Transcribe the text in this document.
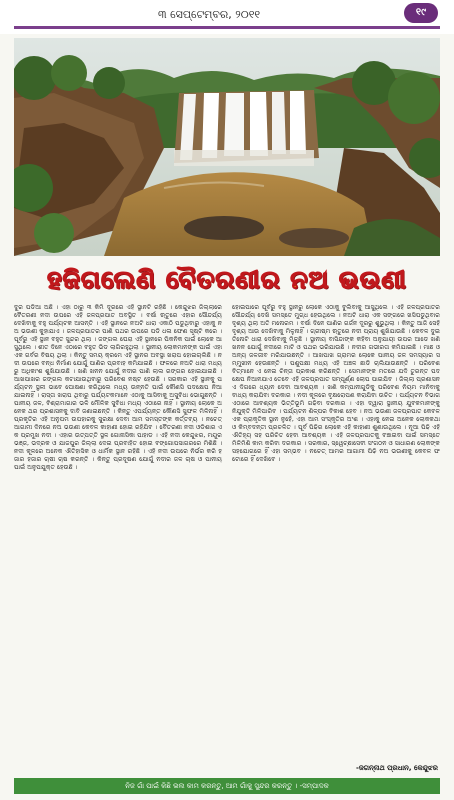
୩ ସେପ୍ଟେମ୍ବର, ୨୦୧୧	୧୯
ହଜିଗଲେଣି ବୈତରଣୀର ନଅ ଭଉଣୀ
ଦୁର ପଡିଆ ଅଛି । ଏହା ଠାରୁ ୩ କିମି ଦୂରରେ ଏହି ସ୍ଥାନଟି ରହିଛି । କେନ୍ଦୁଝର ଜିଲ୍ଲାରେ ବୈତରଣୀ ନଦୀ ଉପରେ ଏହି ଜଳପ୍ରପାତ ଅବସ୍ଥିତ । ବର୍ଷା ଋତୁରେ ଏହାର ସୌନ୍ଦର୍ଯ୍ୟ ଦେଖିବାକୁ ବହୁ ପର୍ଯ୍ୟଟକ ଆସନ୍ତି । ଏହି ସ୍ଥାନରେ ନଅଟି ଧାରା ଏକାଠି ପଡୁଥିବାରୁ ଏହାକୁ ନଅ ଭଉଣୀ କୁହାଯାଏ । ଜଳପ୍ରପାତର ପାଣି ପଥର ଉପରେ ପଡି ଧଳା ଫେଣ ସୃଷ୍ଟି କରେ । ପୂର୍ବରୁ ଏହି ସ୍ଥାନ ବହୁତ ସୁନ୍ଦର ଥିଲା । ଜଙ୍ଗଲ ଘେରା ଏହି ସ୍ଥାନରେ ପିକନିକ ପାଇଁ ଲୋକେ ଆସୁଥିଲେ । ଶୀତ ଦିନେ ଏଠାରେ ବହୁତ ଭିଡ ଲାଗିରହୁଥିଲା । ସ୍ଥାନୀୟ ଲୋକମାନଙ୍କ ପାଇଁ ଏହା ଏକ ଗର୍ବର ବିଷୟ ଥିଲା । କିନ୍ତୁ ସମୟ କ୍ରମେ ଏହି ସ୍ଥାନର ଅବସ୍ଥା ଖରାପ ହୋଇଚାଲିଛି । ନଦୀ ଉପରେ ବନ୍ଧ ନିର୍ମାଣ ଯୋଗୁଁ ପାଣିର ପ୍ରବାହ କମିଯାଇଛି । ଫଳରେ ନଅଟି ଧାରା ମଧ୍ୟରୁ ଅଧିକାଂଶ ଶୁଖିଯାଉଛି । ଖଣି ଖନନ ଯୋଗୁଁ ନଦୀର ପାଣି ଲାଲ ରଙ୍ଗର ହୋଇଯାଇଛି । ଆଖପାଖର ଜଙ୍ଗଲ କଟାଯାଉଥିବାରୁ ପରିବେଶ ନଷ୍ଟ ହେଉଛି । ସରକାର ଏହି ସ୍ଥାନକୁ ପର୍ଯ୍ୟଟନ ସ୍ଥଳୀ ଭାବେ ଘୋଷଣା କରିଥିଲେ ମଧ୍ୟ ଉନ୍ନତି ପାଇଁ କୌଣସି ପଦକ୍ଷେପ ନିଆଯାଇନାହିଁ । ରାସ୍ତା ଖରାପ ଥିବାରୁ ପର୍ଯ୍ୟଟକମାନେ ଏଠାକୁ ଆସିବାକୁ ଅସୁବିଧା ଭୋଗୁଛନ୍ତି । ପାନୀୟ ଜଳ, ବିଶ୍ରାମାଗାର ଭଳି ମୌଳିକ ସୁବିଧା ମଧ୍ୟ ଏଠାରେ ନାହିଁ । ସ୍ଥାନୀୟ ଲୋକେ ଅନେକ ଥର ପ୍ରଶାସନକୁ ଦାବି ଜଣାଇଛନ୍ତି । କିନ୍ତୁ ଏପର୍ଯ୍ୟନ୍ତ କୌଣସି ସୁଫଳ ମିଳିନାହିଁ । ପ୍ରକୃତିର ଏହି ଅନୁପମ ଉପହାରକୁ ସୁରକ୍ଷା ଦେବା ଆମ ସମସ୍ତଙ୍କ କର୍ତ୍ତବ୍ୟ । ନଚେତ୍ ଆଗାମୀ ଦିନରେ ନଅ ଭଉଣୀ କେବଳ କାହାଣୀ ହୋଇ ରହିଯିବ । ବୈତରଣୀ ନଦୀ ଓଡିଶାର ଏକ ପ୍ରମୁଖ ନଦୀ । ଏହାର ଉତ୍ପତ୍ତି ସ୍ଥଳ ଗୋନାସିକା ପାହାଡ । ଏହି ନଦୀ କେନ୍ଦୁଝର, ମୟୂରଭଞ୍ଜ, ଭଦ୍ରକ ଓ ଯାଜପୁର ଜିଲ୍ଲା ଦେଇ ପ୍ରବାହିତ ହୋଇ ବଙ୍ଗୋପସାଗରରେ ମିଶିଛି । ନଦୀ କୂଳରେ ଅନେକ ଐତିହାସିକ ଓ ଧାର୍ମିକ ସ୍ଥାନ ରହିଛି । ଏହି ନଦୀ ଉପରେ ନିର୍ଭର କରି ହଜାର ହଜାର ଚାଷୀ ଚାଷ କରନ୍ତି । କିନ୍ତୁ ପ୍ରଦୂଷଣ ଯୋଗୁଁ ନଦୀର ଜଳ ଚାଷ ଓ ପାନୀୟ ପାଇଁ ଅନୁପଯୁକ୍ତ ହେଉଛି ।
ହୋଇପାରେ ପୂର୍ବରୁ ବହୁ ସ୍ଥାନରୁ ଲୋକେ ଏଠାକୁ ବୁଲିବାକୁ ଆସୁଥିଲେ । ଏହି ଜଳପ୍ରପାତର ସୌନ୍ଦର୍ଯ୍ୟ ଦେଖି ସମସ୍ତେ ମୁଗ୍ଧ ହେଉଥିଲେ । ନଅଟି ଧାରା ଏକ ସଙ୍ଗରେ ଖସିପଡୁଥିବାର ଦୃଶ୍ୟ ଥିଲା ଅତି ମନୋରମ । ବର୍ଷା ଦିନେ ପାଣିର ଗର୍ଜନ ଦୂରରୁ ଶୁଭୁଥିଲା । କିନ୍ତୁ ଆଜି ସେହି ଦୃଶ୍ୟ ଆଉ ଦେଖିବାକୁ ମିଳୁନାହିଁ । ଗ୍ରୀଷ୍ମ ଋତୁରେ ନଦୀ ପ୍ରାୟ ଶୁଖିଯାଉଛି । କେବଳ ଦୁଇ ତିନୋଟି ଧାରା ଦେଖିବାକୁ ମିଳୁଛି । ସ୍ଥାନୀୟ ବାସିନ୍ଦାଙ୍କ କହିବା ଅନୁଯାୟୀ ଉପର ଆଡେ ଖଣି ଖନନ ଯୋଗୁଁ ନଦୀରେ ମାଟି ଓ ପଥର ଭରିଯାଉଛି । ନଦୀର ଗଭୀରତା କମିଯାଇଛି । ମାଛ ଓ ଅନ୍ୟ ଜଳଜୀବ ମରିଯାଉଛନ୍ତି । ଆଖପାଖ ଗ୍ରାମର ଲୋକେ ପାନୀୟ ଜଳ ସମସ୍ୟାର ସମ୍ମୁଖୀନ ହେଉଛନ୍ତି । ପଶୁପକ୍ଷୀ ମଧ୍ୟ ଏହି ଅଞ୍ଚଳ ଛାଡି ଚାଲିଯାଉଛନ୍ତି । ପରିବେଶବିତ୍ମାନେ ଏ ନେଇ ଚିନ୍ତା ପ୍ରକାଶ କରିଛନ୍ତି । ସେମାନଙ୍କ ମତରେ ଯଦି ତୁରନ୍ତ ପଦକ୍ଷେପ ନିଆନଯାଏ ତେବେ ଏହି ଜଳପ୍ରପାତ ସମ୍ପୂର୍ଣ୍ଣ ଲୋପ ପାଇଯିବ । ଜିଲ୍ଲା ପ୍ରଶାସନ ଏ ଦିଗରେ ଧ୍ୟାନ ଦେବା ଆବଶ୍ୟକ । ଖଣି କମ୍ପାନୀଗୁଡିକୁ ପରିବେଶ ନିୟମ ମାନିବାକୁ ବାଧ୍ୟ କରାଯିବା ଦରକାର । ନଦୀ କୂଳରେ ବୃକ୍ଷରୋପଣ କରାଯିବା ଉଚିତ । ପର୍ଯ୍ୟଟନ ବିଭାଗ ଏଠାରେ ଆବଶ୍ୟକ ଭିତ୍ତିଭୂମି ଗଢିବା ଦରକାର । ଏହା ଦ୍ୱାରା ସ୍ଥାନୀୟ ଯୁବକମାନଙ୍କୁ ନିଯୁକ୍ତି ମିଳିପାରିବ । ପର୍ଯ୍ୟଟନ ଶିଳ୍ପର ବିକାଶ ହେବ । ନଅ ଭଉଣୀ ଜଳପ୍ରପାତ କେବଳ ଏକ ପ୍ରାକୃତିକ ସ୍ଥାନ ନୁହେଁ, ଏହା ଆମ ସଂସ୍କୃତିର ଅଂଶ । ଏହାକୁ ନେଇ ଅନେକ ଲୋକକଥା ଓ କିମ୍ବଦନ୍ତୀ ପ୍ରଚଳିତ । ପୂର୍ବ ପିଢିର ଲୋକେ ଏହି କାହାଣୀ ଶୁଣାଉଥିଲେ । ନୂଆ ପିଢି ଏହି ଐତିହ୍ୟ ସହ ପରିଚିତ ହେବା ଆବଶ୍ୟକ । ଏହି ଜଳପ୍ରପାତକୁ ବଞ୍ଚାଇବା ପାଇଁ ସମସ୍ତେ ମିଳିମିଶି କାମ କରିବା ଦରକାର । ସରକାର, ସ୍ୱେଚ୍ଛାସେବୀ ସଂଗଠନ ଓ ସାଧାରଣ ଲୋକଙ୍କ ସହଯୋଗରେ ହିଁ ଏହା ସମ୍ଭବ । ନଚେତ୍ ଆମର ଆଗାମୀ ପିଢି ନଅ ଭଉଣୀକୁ କେବଳ ଫଟୋରେ ହିଁ ଦେଖିବେ ।
-ଜଗନ୍ନାଥ ପ୍ରଧାନ, କେନ୍ଦୁଝର
ନିଜ ଗାଁ ପାଇଁ କିଛି ଭଲ କାମ କରନ୍ତୁ, ଆମ ଗାଁକୁ ସୁନ୍ଦର କରନ୍ତୁ । -ସମ୍ପାଦକ
